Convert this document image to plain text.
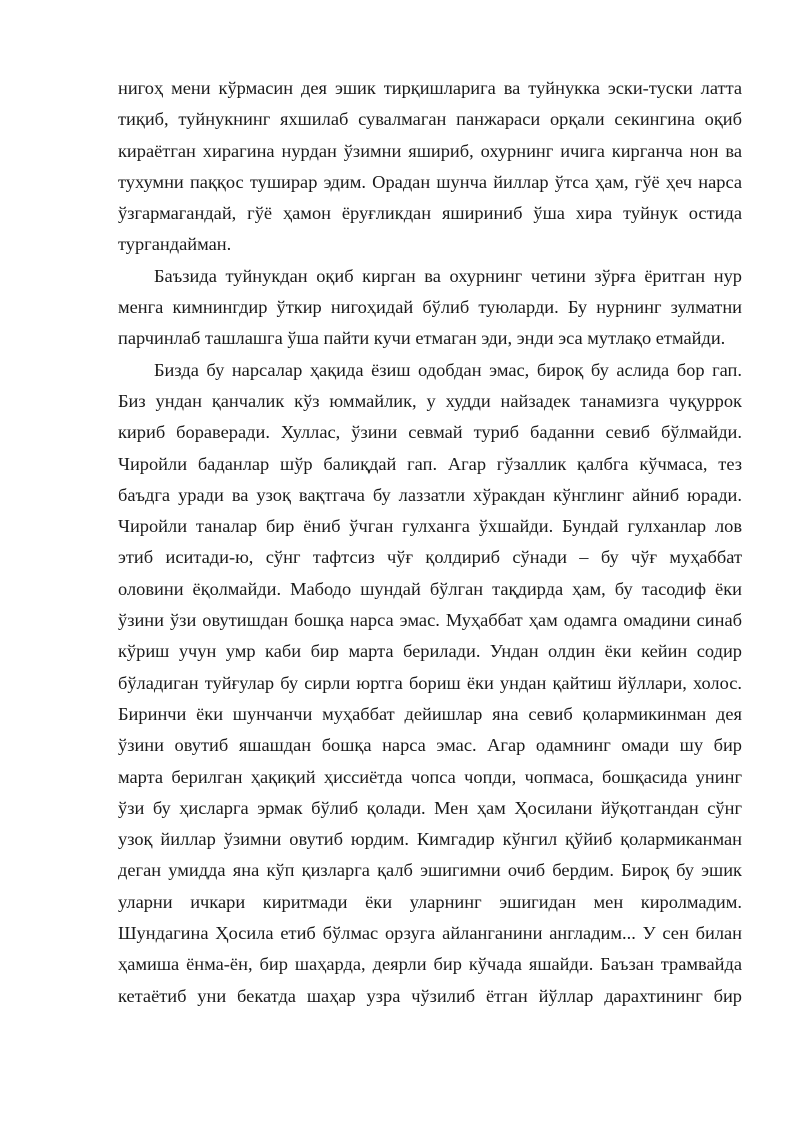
нигоҳ мени кўрмасин дея эшик тирқишларига ва туйнукка эски-туски латта
тиқиб, туйнукнинг яхшилаб сувалмаган панжараси орқали секингина оқиб
кираётган хирагина нурдан ўзимни яшириб, охурнинг ичига кирганча нон ва
тухумни паққос туширар эдим. Орадан шунча йиллар ўтса ҳам, гўё ҳеч нарса
ўзгармагандай, гўё ҳамон ёруғликдан яшириниб ўша хира туйнук остида
тургандайман.
Баъзида туйнукдан оқиб кирган ва охурнинг четини зўрға ёритган нур
менга кимнингдир ўткир нигоҳидай бўлиб туюларди. Бу нурнинг зулматни
парчинлаб ташлашга ўша пайти кучи етмаган эди, энди эса мутлақо етмайди.
Бизда бу нарсалар ҳақида ёзиш одобдан эмас, бироқ бу аслида бор гап.
Биз ундан қанчалик кўз юммайлик, у худди найзадек танамизга чуқуррок
кириб бораверади. Хуллас, ўзини севмай туриб баданни севиб бўлмайди.
Чиройли баданлар шўр балиқдай гап. Агар гўзаллик қалбга кўчмаса, тез
баъдга уради ва узоқ вақтгача бу лаззатли хўракдан кўнглинг айниб юради.
Чиройли таналар бир ёниб ўчган гулханга ўхшайди. Бундай гулханлар лов
этиб иситади-ю, сўнг тафтсиз чўғ қолдириб сўнади – бу чўғ муҳаббат
оловини ёқолмайди. Мабодо шундай бўлган тақдирда ҳам, бу тасодиф ёки
ўзини ўзи овутишдан бошқа нарса эмас. Муҳаббат ҳам одамга омадини синаб
кўриш учун умр каби бир марта берилади. Ундан олдин ёки кейин содир
бўладиган туйғулар бу сирли юртга бориш ёки ундан қайтиш йўллари, холос.
Биринчи ёки шунчанчи муҳаббат дейишлар яна севиб қолармикинман дея
ўзини овутиб яшашдан бошқа нарса эмас. Агар одамнинг омади шу бир
марта берилган ҳақиқий ҳиссиётда чопса чопди, чопмаса, бошқасида унинг
ўзи бу ҳисларга эрмак бўлиб қолади. Мен ҳам Ҳосилани йўқотгандан сўнг
узоқ йиллар ўзимни овутиб юрдим. Кимгадир кўнгил қўйиб қолармиканман
деган умидда яна кўп қизларга қалб эшигимни очиб бердим. Бироқ бу эшик
уларни ичкари киритмади ёки уларнинг эшигидан мен киролмадим.
Шундагина Ҳосила етиб бўлмас орзуга айланганини англадим... У сен билан
ҳамиша ёнма-ён, бир шаҳарда, деярли бир кўчада яшайди. Баъзан трамвайда
кетаётиб уни бекатда шаҳар узра чўзилиб ётган йўллар дарахтининг бир
